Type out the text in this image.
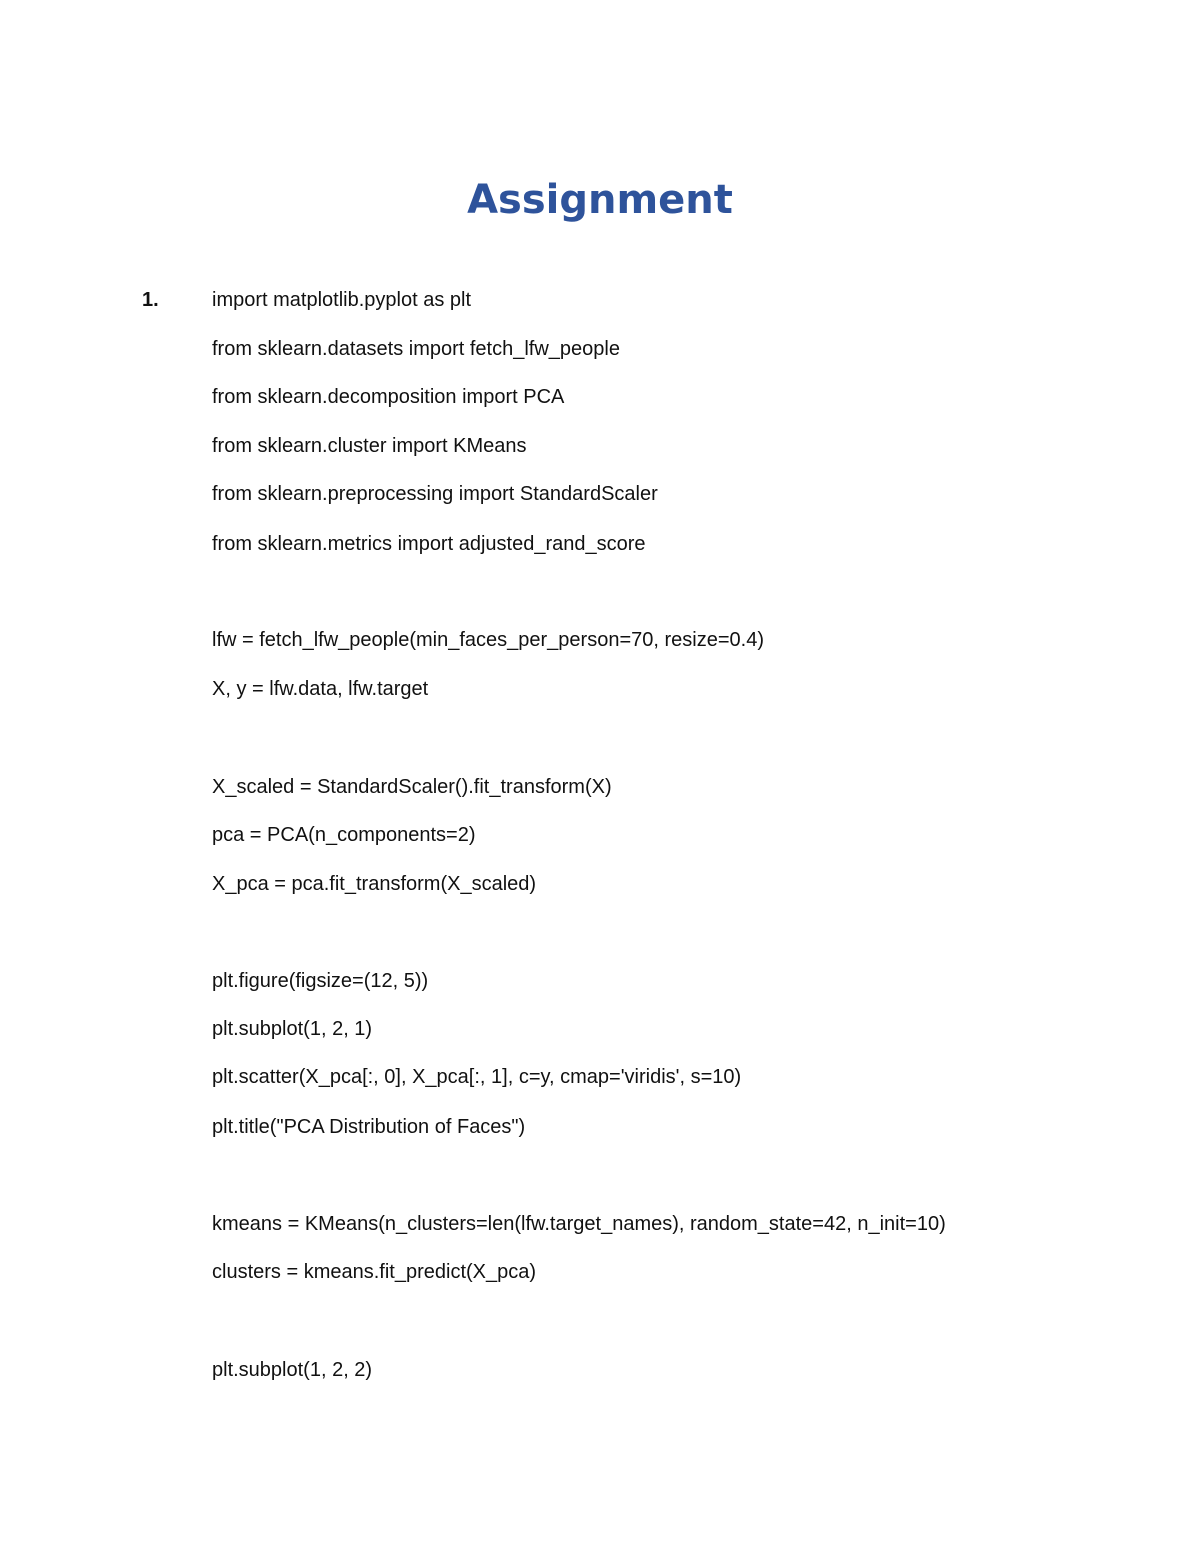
Assignment
1.	import matplotlib.pyplot as plt
from sklearn.datasets import fetch_lfw_people
from sklearn.decomposition import PCA
from sklearn.cluster import KMeans
from sklearn.preprocessing import StandardScaler
from sklearn.metrics import adjusted_rand_score
lfw = fetch_lfw_people(min_faces_per_person=70, resize=0.4)
X, y = lfw.data, lfw.target
X_scaled = StandardScaler().fit_transform(X)
pca = PCA(n_components=2)
X_pca = pca.fit_transform(X_scaled)
plt.figure(figsize=(12, 5))
plt.subplot(1, 2, 1)
plt.scatter(X_pca[:, 0], X_pca[:, 1], c=y, cmap='viridis', s=10)
plt.title("PCA Distribution of Faces")
kmeans = KMeans(n_clusters=len(lfw.target_names), random_state=42, n_init=10)
clusters = kmeans.fit_predict(X_pca)
plt.subplot(1, 2, 2)
